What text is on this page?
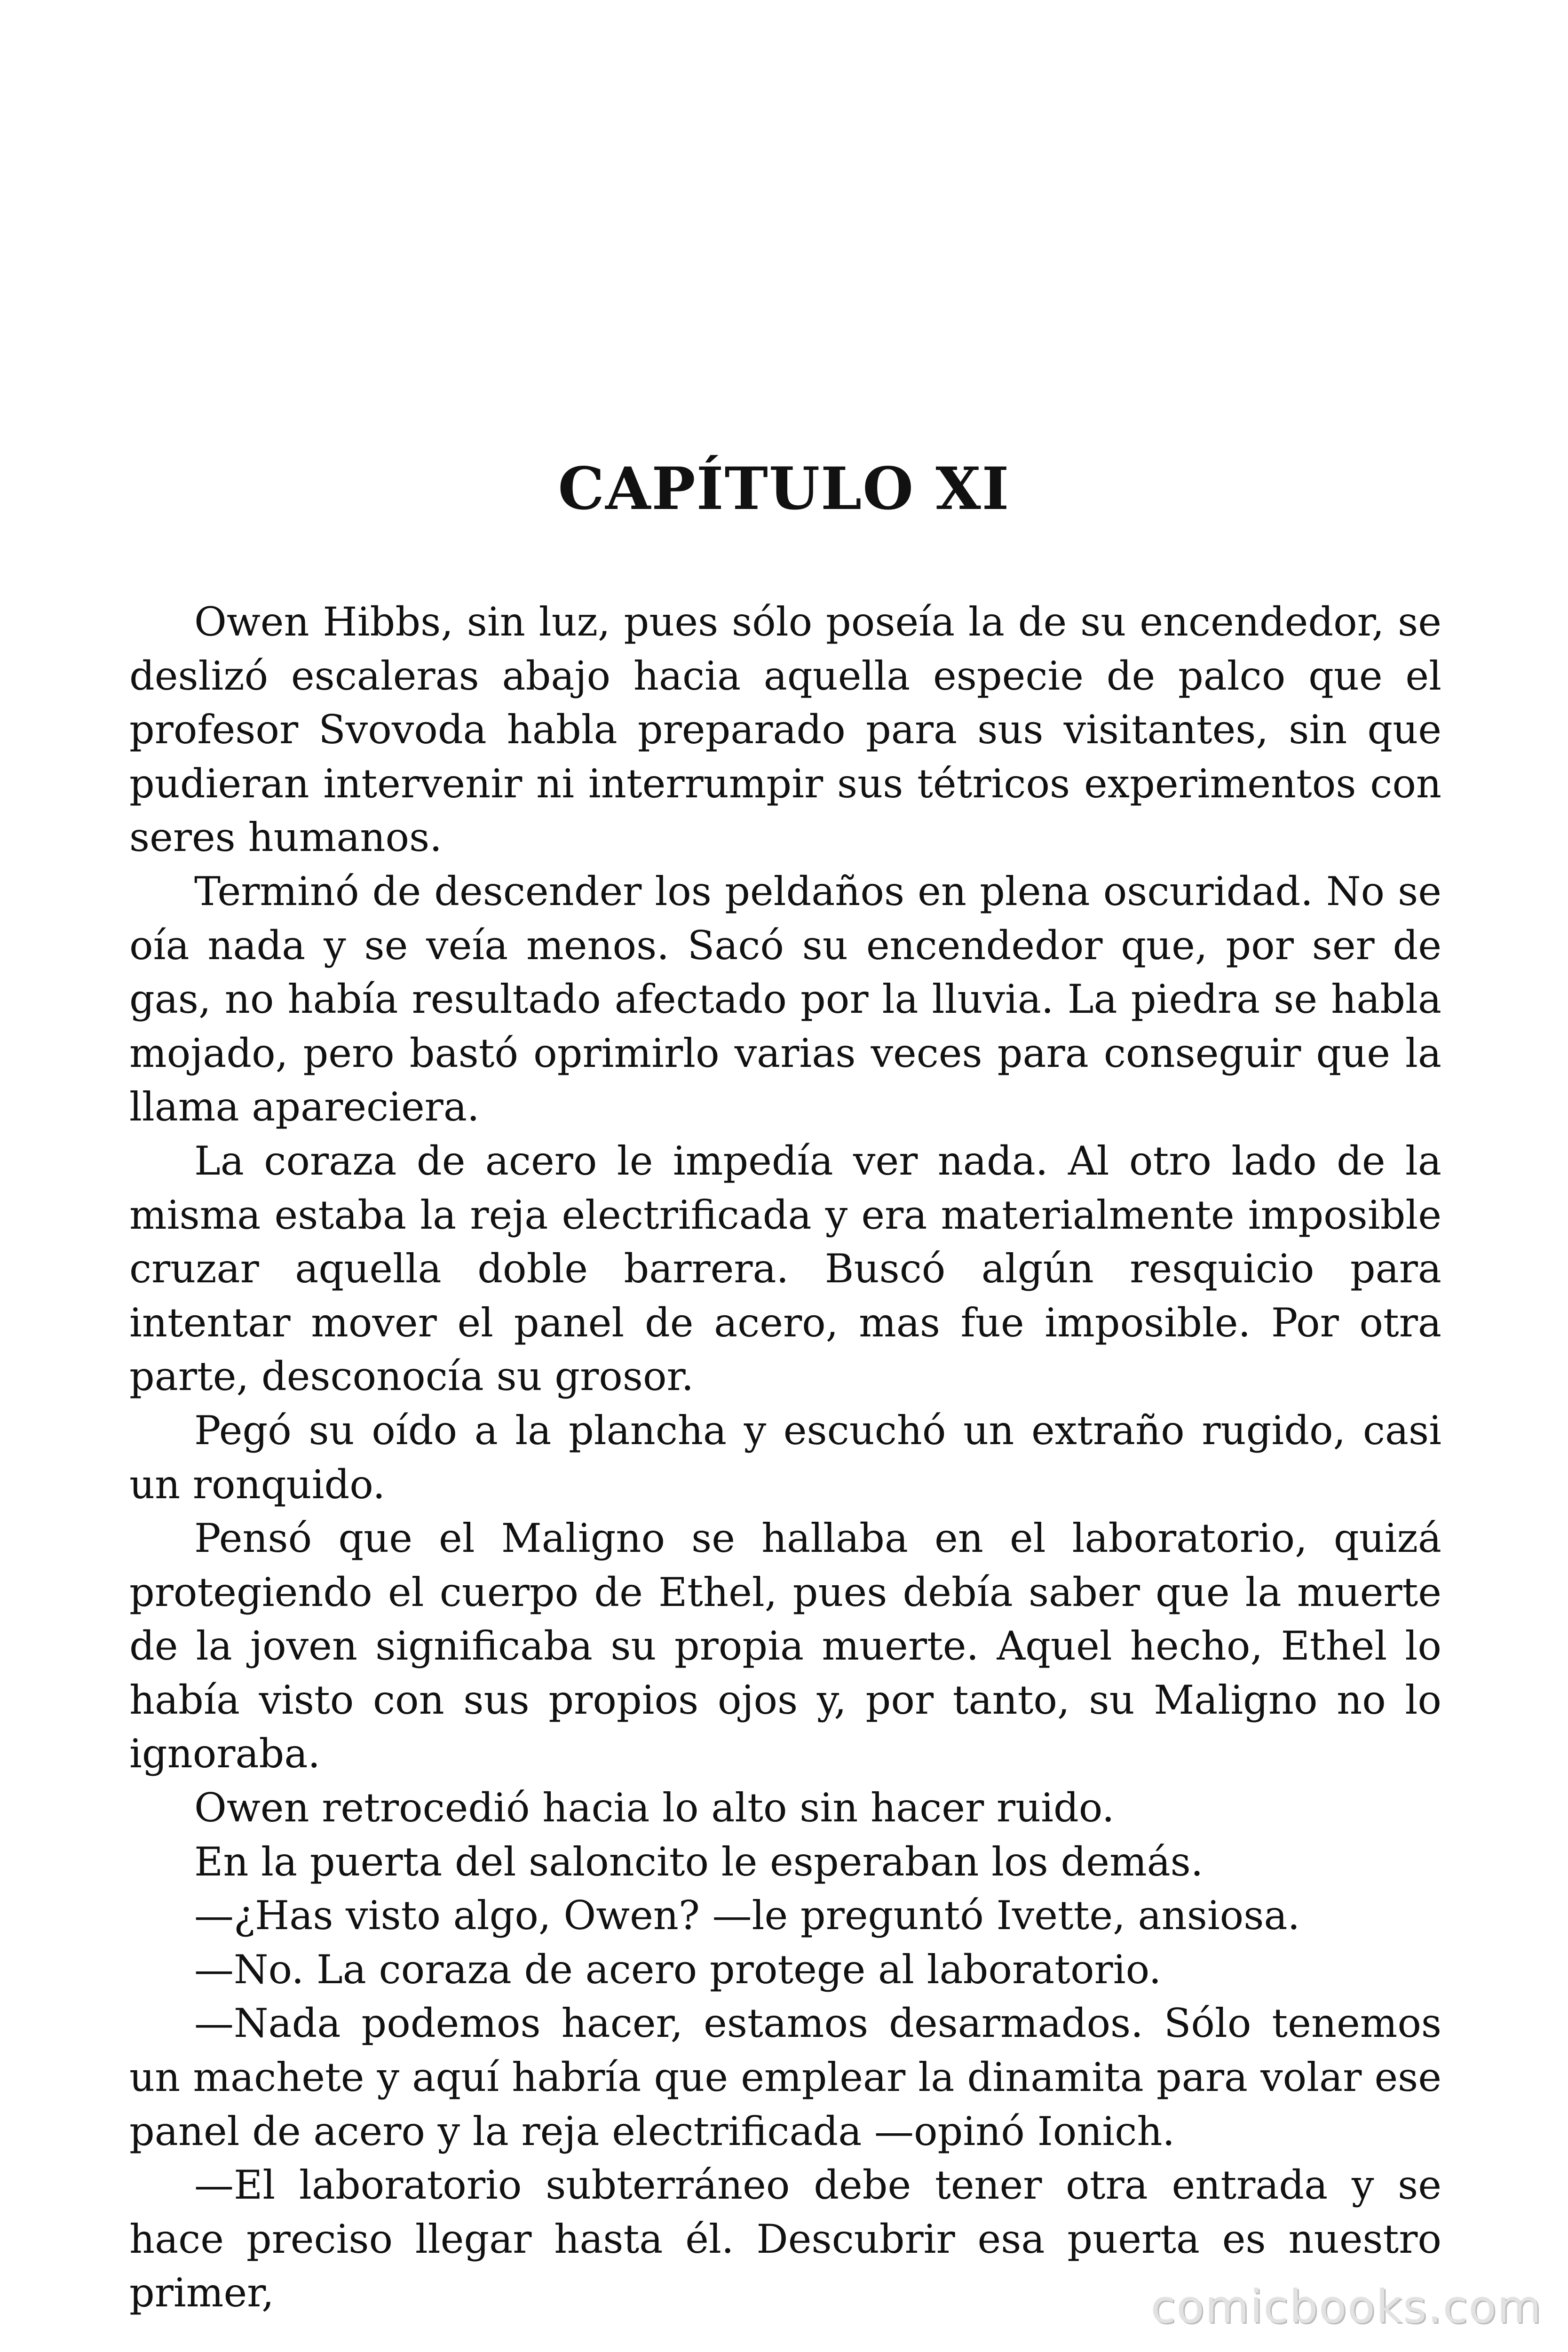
CAPÍTULO XI

Owen Hibbs, sin luz, pues sólo poseía la de su encendedor, se deslizó escaleras abajo hacia aquella especie de palco que el profesor Svovoda habla preparado para sus visitantes, sin que pudieran intervenir ni interrumpir sus tétricos experimentos con seres humanos.

Terminó de descender los peldaños en plena oscuridad. No se oía nada y se veía menos. Sacó su encendedor que, por ser de gas, no había resultado afectado por la lluvia. La piedra se habla mojado, pero bastó oprimirlo varias veces para conseguir que la llama apareciera.

La coraza de acero le impedía ver nada. Al otro lado de la misma estaba la reja electrificada y era materialmente imposible cruzar aquella doble barrera. Buscó algún resquicio para intentar mover el panel de acero, mas fue imposible. Por otra parte, desconocía su grosor.

Pegó su oído a la plancha y escuchó un extraño rugido, casi un ronquido.

Pensó que el Maligno se hallaba en el laboratorio, quizá protegiendo el cuerpo de Ethel, pues debía saber que la muerte de la joven significaba su propia muerte. Aquel hecho, Ethel lo había visto con sus propios ojos y, por tanto, su Maligno no lo ignoraba.

Owen retrocedió hacia lo alto sin hacer ruido.

En la puerta del saloncito le esperaban los demás.

—¿Has visto algo, Owen? —le preguntó Ivette, ansiosa.

—No. La coraza de acero protege al laboratorio.

—Nada podemos hacer, estamos desarmados. Sólo tenemos un machete y aquí habría que emplear la dinamita para volar ese panel de acero y la reja electrificada —opinó Ionich.

—El laboratorio subterráneo debe tener otra entrada y se hace preciso llegar hasta él. Descubrir esa puerta es nuestro primer,	comicbooks.com
